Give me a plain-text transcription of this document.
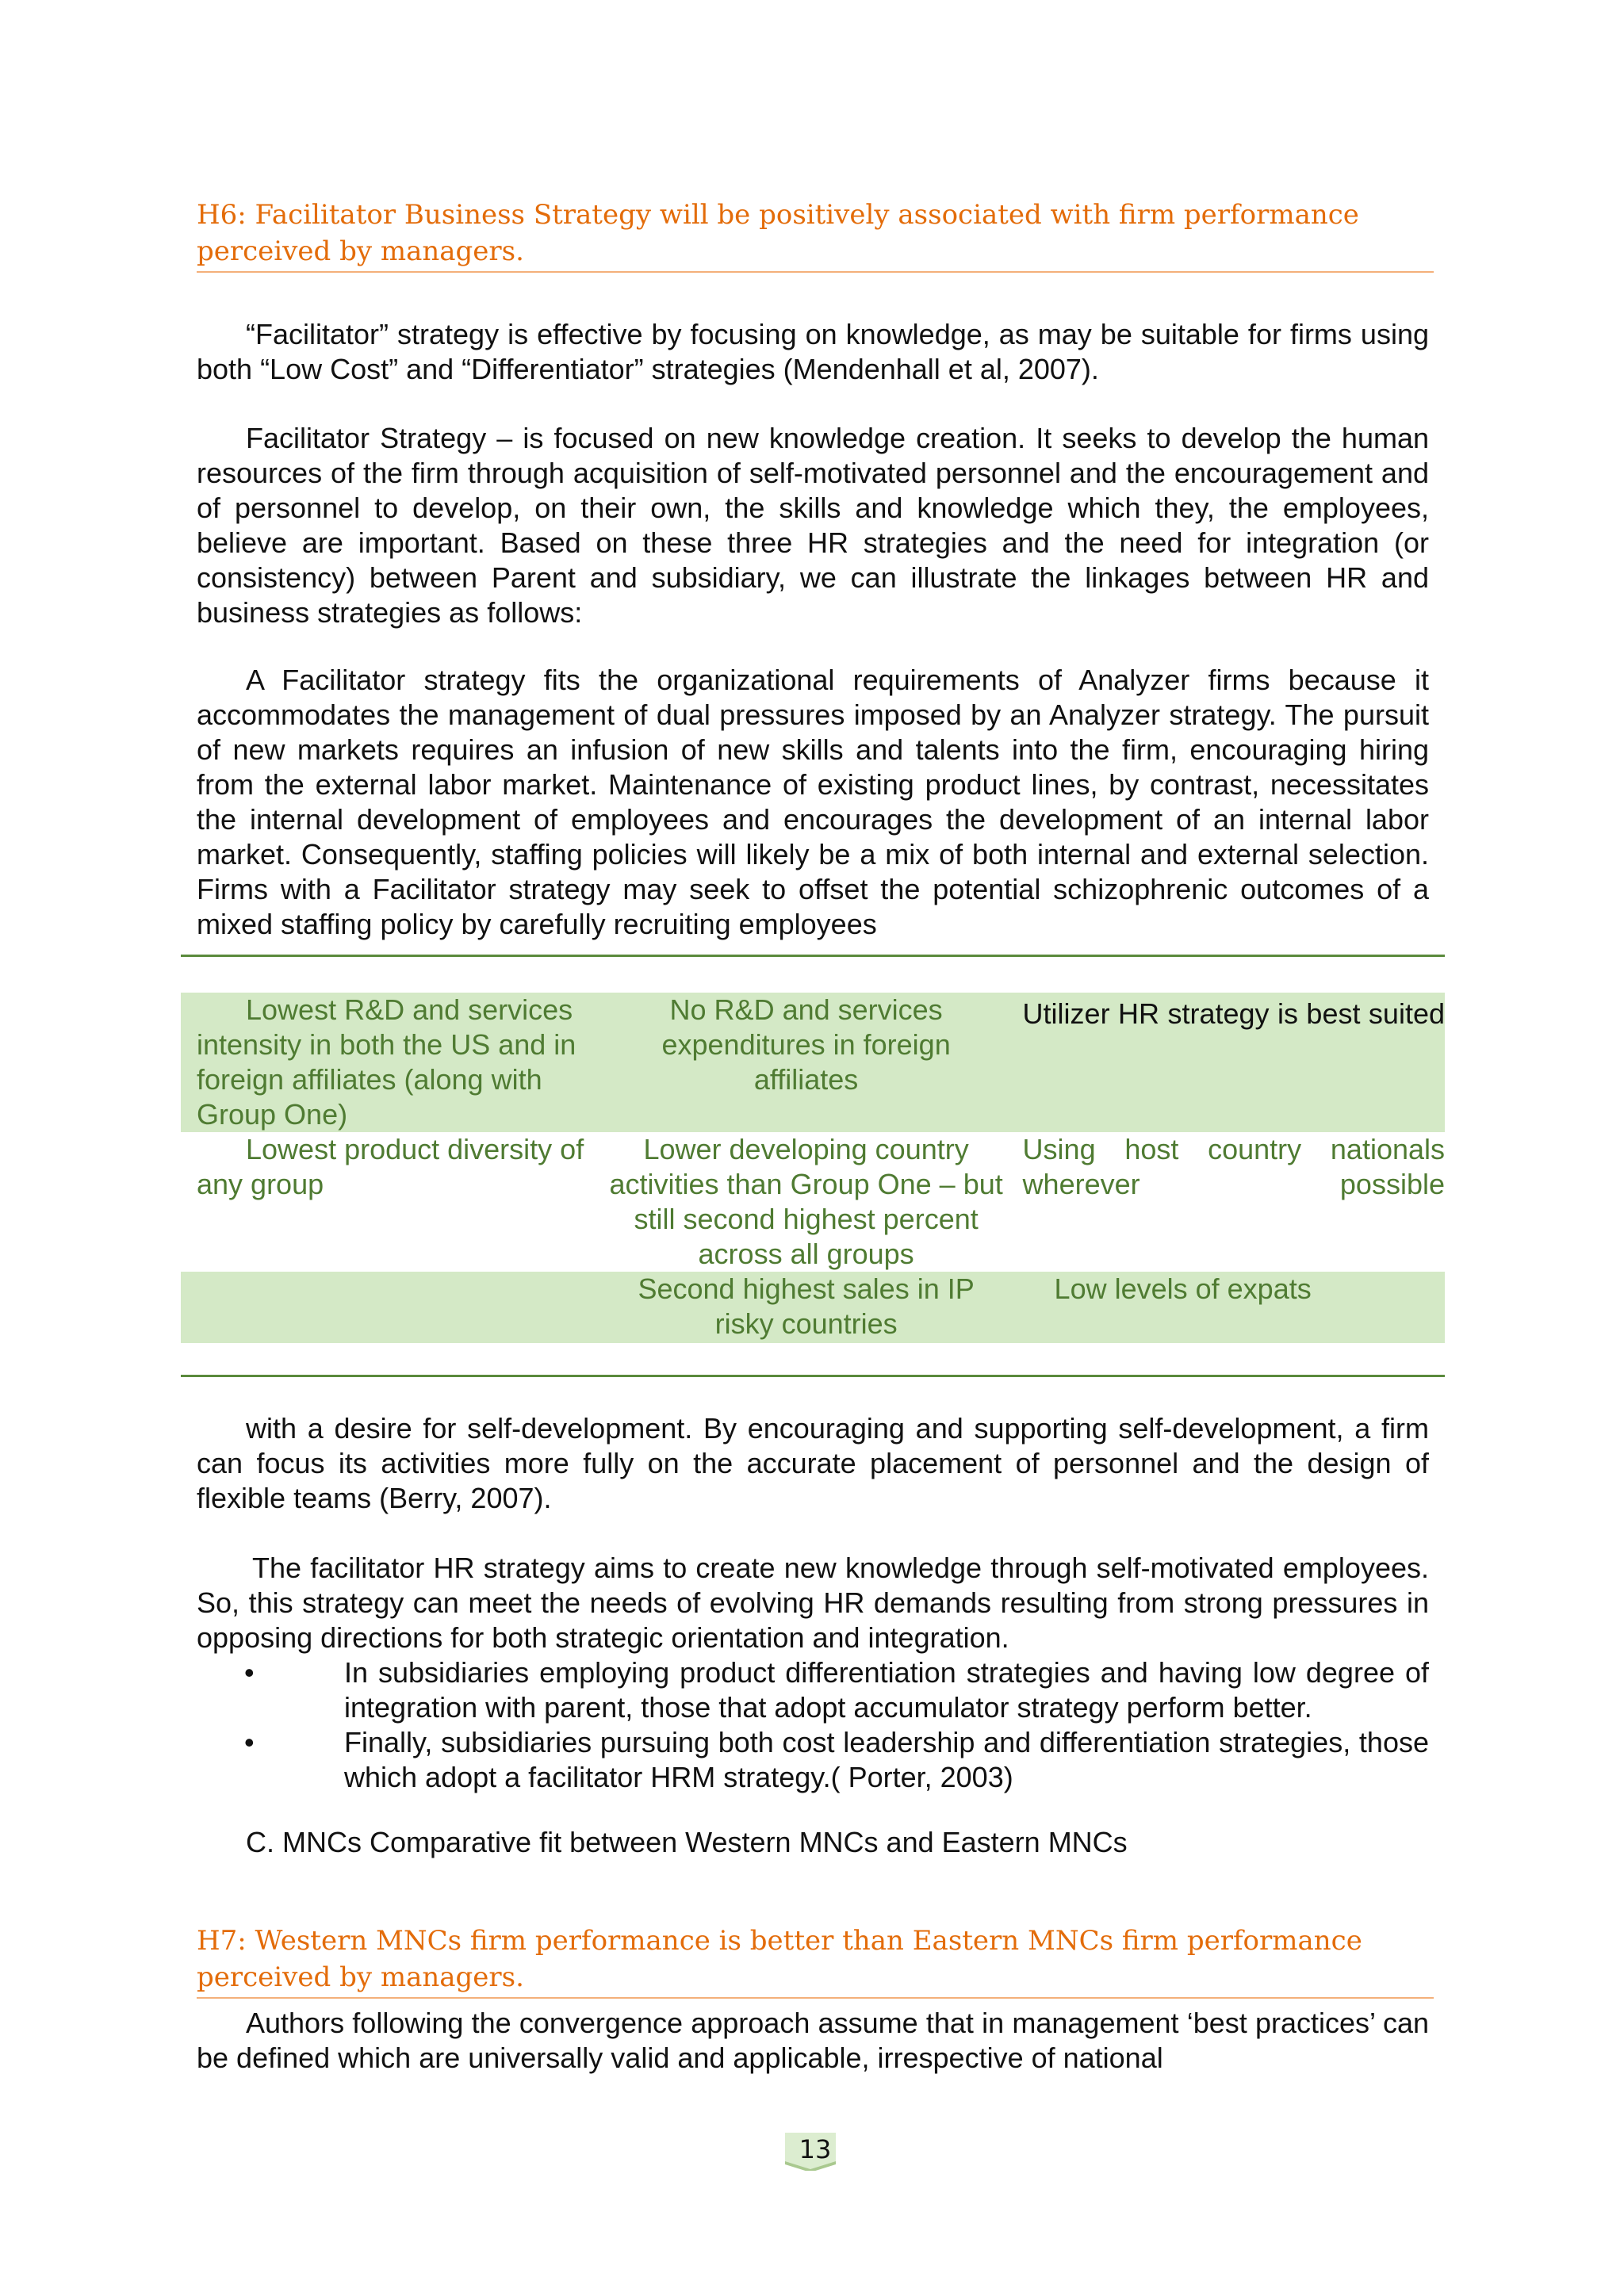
H6: Facilitator Business Strategy will be positively associated with firm performance perceived by managers.
“Facilitator” strategy is effective by focusing on knowledge, as may be suitable for firms using both “Low Cost” and “Differentiator” strategies (Mendenhall et al, 2007).
Facilitator Strategy – is focused on new knowledge creation. It seeks to develop the human resources of the firm through acquisition of self-motivated personnel and the encouragement and of personnel to develop, on their own, the skills and knowledge which they, the employees, believe are important. Based on these three HR strategies and the need for integration (or consistency) between Parent and subsidiary, we can illustrate the linkages between HR and business strategies as follows:
A Facilitator strategy fits the organizational requirements of Analyzer firms because it accommodates the management of dual pressures imposed by an Analyzer strategy. The pursuit of new markets requires an infusion of new skills and talents into the firm, encouraging hiring from the external labor market. Maintenance of existing product lines, by contrast, necessitates the internal development of employees and encourages the development of an internal labor market. Consequently, staffing policies will likely be a mix of both internal and external selection. Firms with a Facilitator strategy may seek to offset the potential schizophrenic outcomes of a mixed staffing policy by carefully recruiting employees
Lowest R&D and services intensity in both the US and in foreign affiliates (along with Group One)	No R&D and services expenditures in foreign affiliates	Utilizer HR strategy is best suited
Lowest product diversity of any group	Lower developing country activities than Group One – but still second highest percent across all groups	Using host country nationals wherever possible
	Second highest sales in IP risky countries	Low levels of expats
with a desire for self-development. By encouraging and supporting self-development, a firm can focus its activities more fully on the accurate placement of personnel and the design of flexible teams (Berry, 2007).
The facilitator HR strategy aims to create new knowledge through self-motivated employees. So, this strategy can meet the needs of evolving HR demands resulting from strong pressures in opposing directions for both strategic orientation and integration.
•	In subsidiaries employing product differentiation strategies and having low degree of integration with parent, those that adopt accumulator strategy perform better.
•	Finally, subsidiaries pursuing both cost leadership and differentiation strategies, those which adopt a facilitator HRM strategy.( Porter, 2003)
C. MNCs Comparative fit between Western MNCs and Eastern MNCs
H7: Western MNCs firm performance is better than Eastern MNCs firm performance perceived by managers.
Authors following the convergence approach assume that in management ‘best practices’ can be defined which are universally valid and applicable, irrespective of national
13
